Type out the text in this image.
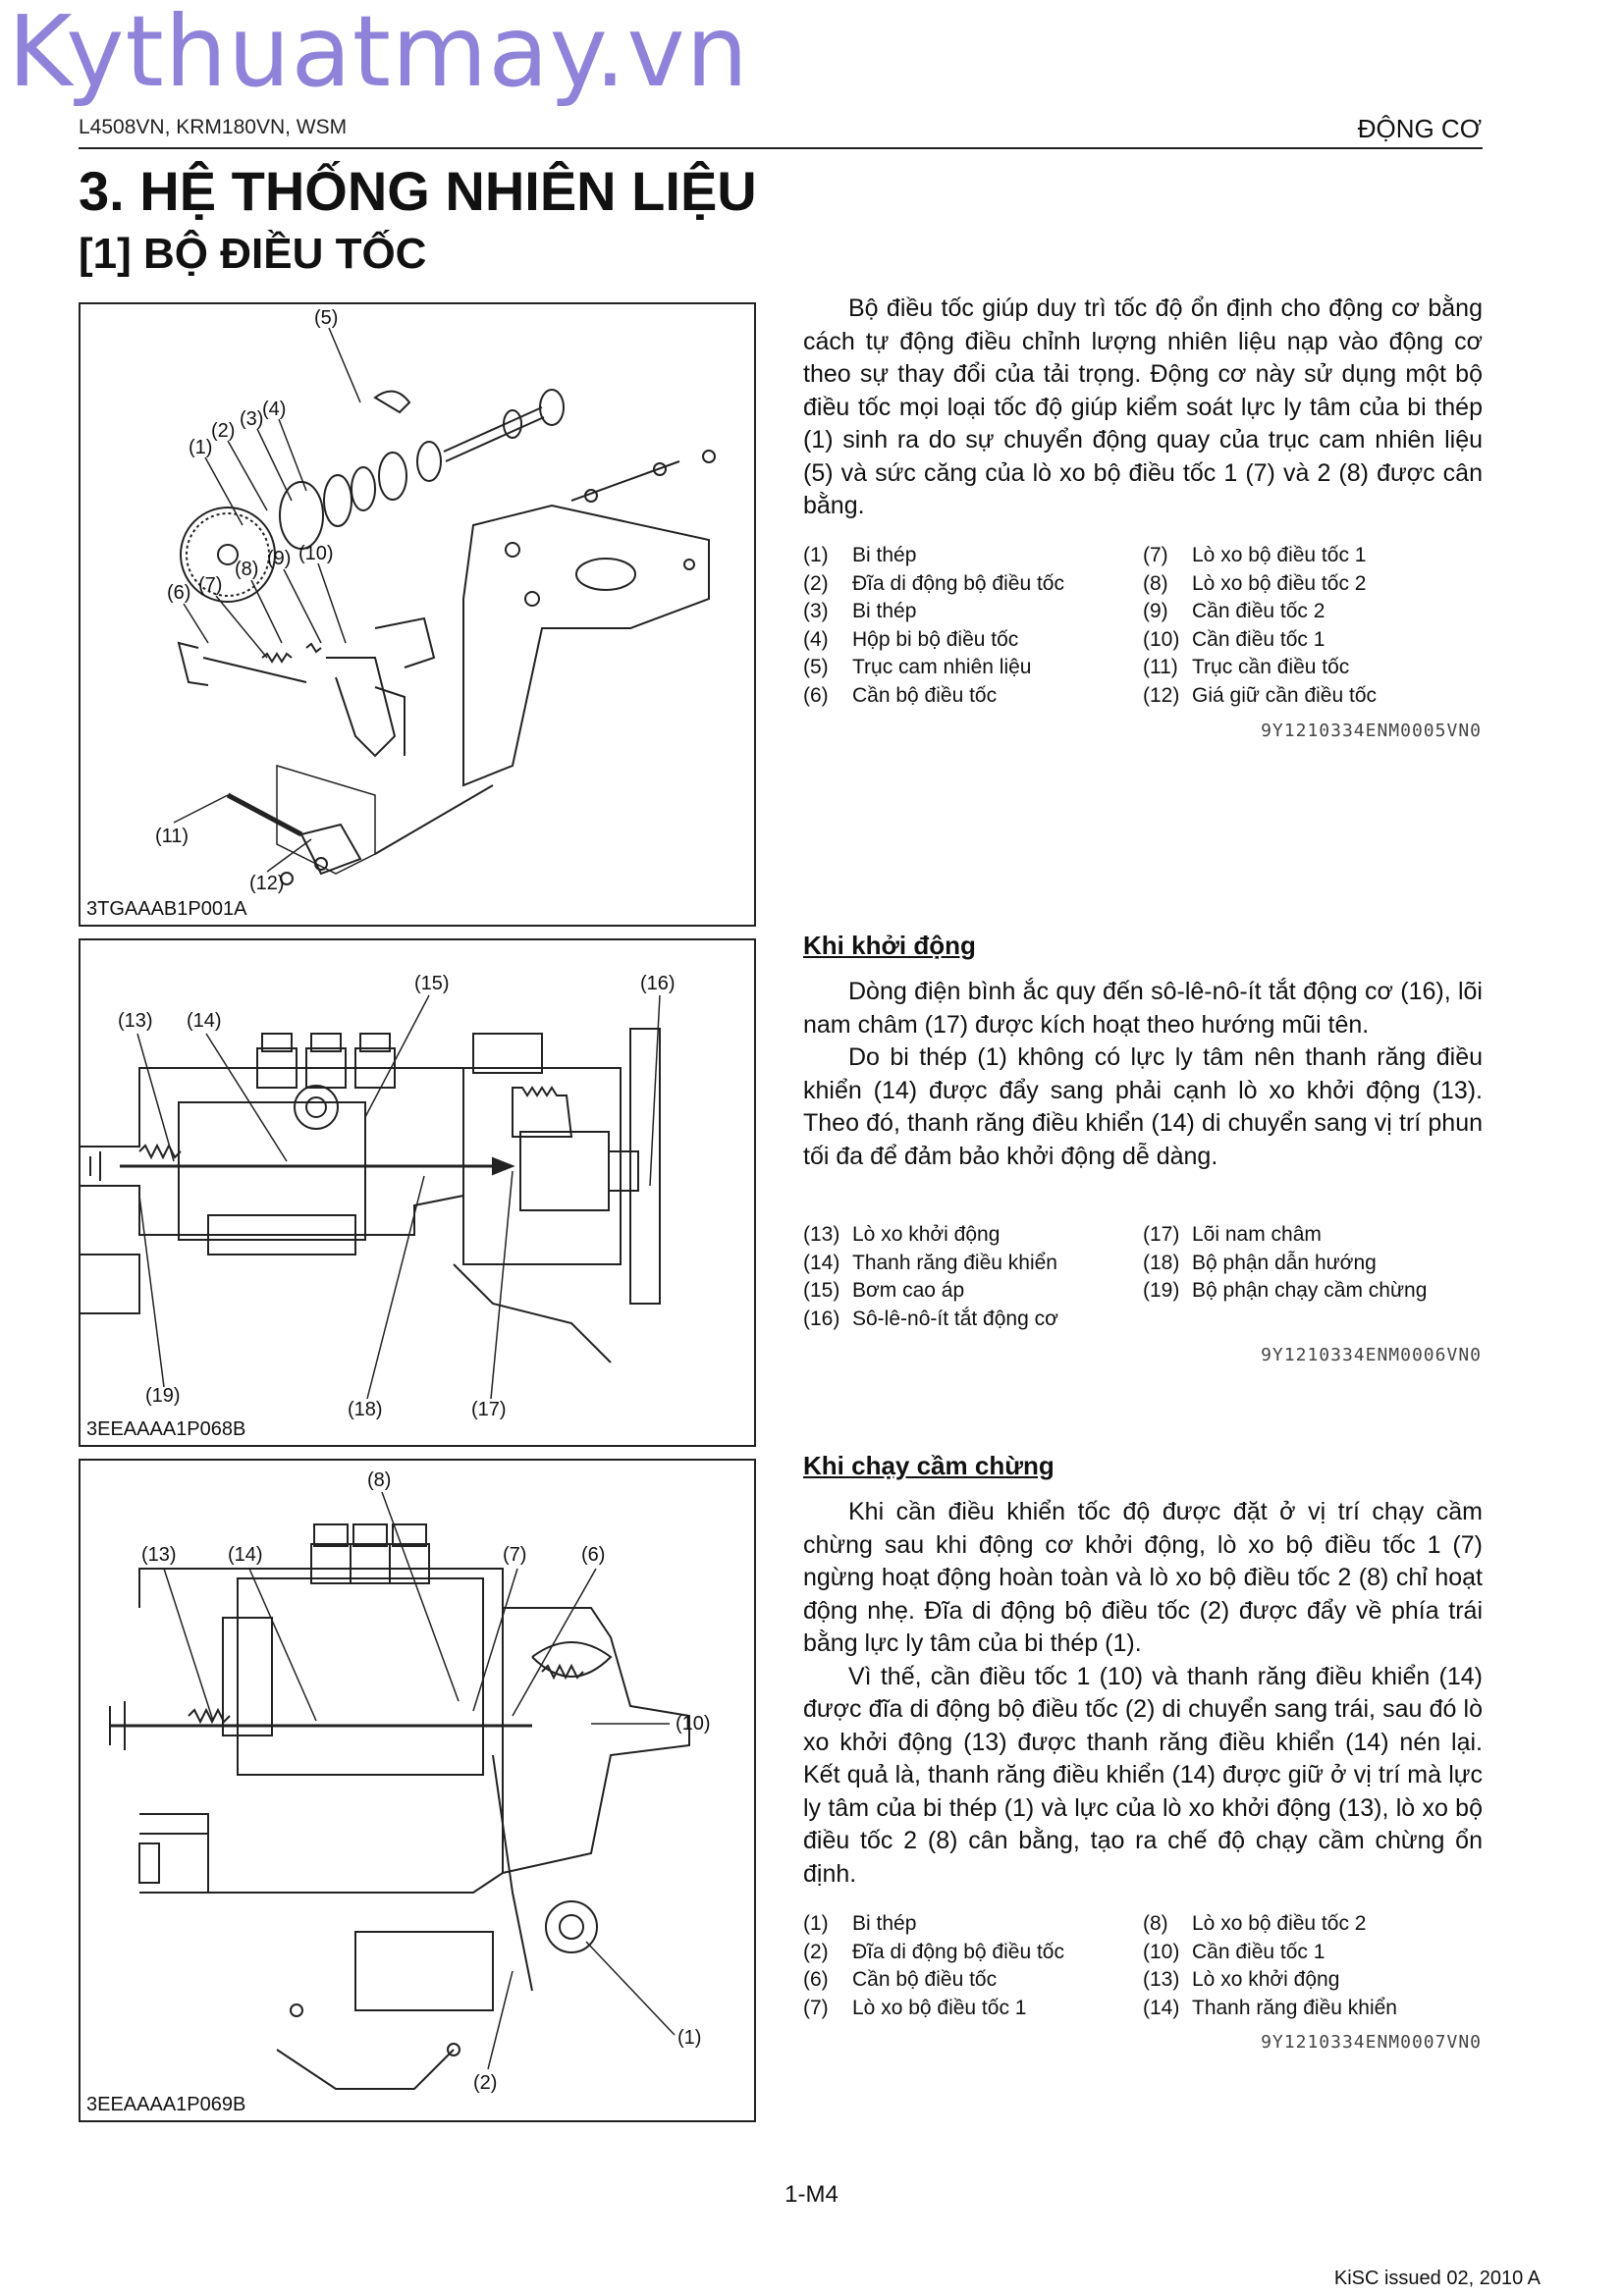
Kythuatmay.vn
L4508VN, KRM180VN, WSM	ĐỘNG CƠ
3. HỆ THỐNG NHIÊN LIỆU
[1] BỘ ĐIỀU TỐC
(5)
(1)
(2)
(3)
(4)
(6) (7)
(8) (9) (10)
(11)
(12)
3TGAAAB1P001A

Bộ điều tốc giúp duy trì tốc độ ổn định cho động cơ bằng cách tự động điều chỉnh lượng nhiên liệu nạp vào động cơ theo sự thay đổi của tải trọng. Động cơ này sử dụng một bộ điều tốc mọi loại tốc độ giúp kiểm soát lực ly tâm của bi thép (1) sinh ra do sự chuyển động quay của trục cam nhiên liệu (5) và sức căng của lò xo bộ điều tốc 1 (7) và 2 (8) được cân bằng.

(1)	Bi thép	(7)	Lò xo bộ điều tốc 1
(2)	Đĩa di động bộ điều tốc	(8)	Lò xo bộ điều tốc 2
(3)	Bi thép	(9)	Cần điều tốc 2
(4)	Hộp bi bộ điều tốc	(10) Cần điều tốc 1
(5)	Trục cam nhiên liệu	(11) Trục cần điều tốc
(6)	Cần bộ điều tốc	(12) Giá giữ cần điều tốc
9Y1210334ENM0005VN0
(15)	(16)
(13) (14)
(19)
(18)	(17)
3EEAAAA1P068B
Khi khởi động

Dòng điện bình ắc quy đến sô-lê-nô-ít tắt động cơ (16), lõi nam châm (17) được kích hoạt theo hướng mũi tên.

Do bi thép (1) không có lực ly tâm nên thanh răng điều khiển (14) được đẩy sang phải cạnh lò xo khởi động (13). Theo đó, thanh răng điều khiển (14) di chuyển sang vị trí phun tối đa để đảm bảo khởi động dễ dàng.

(13) Lò xo khởi động	(17) Lõi nam châm
(14) Thanh răng điều khiển	(18) Bộ phận dẫn hướng
(15) Bơm cao áp	(19) Bộ phận chạy cầm chừng
(16) Sô-lê-nô-ít tắt động cơ
9Y1210334ENM0006VN0
(8)
(13)	(14)	(7)	(6)
(10)
(1)
(2)
3EEAAAA1P069B
Khi chạy cầm chừng

Khi cần điều khiển tốc độ được đặt ở vị trí chạy cầm chừng sau khi động cơ khởi động, lò xo bộ điều tốc 1 (7) ngừng hoạt động hoàn toàn và lò xo bộ điều tốc 2 (8) chỉ hoạt động nhẹ. Đĩa di động bộ điều tốc (2) được đẩy về phía trái bằng lực ly tâm của bi thép (1).

Vì thế, cần điều tốc 1 (10) và thanh răng điều khiển (14) được đĩa di động bộ điều tốc (2) di chuyển sang trái, sau đó lò xo khởi động (13) được thanh răng điều khiển (14) nén lại. Kết quả là, thanh răng điều khiển (14) được giữ ở vị trí mà lực ly tâm của bi thép (1) và lực của lò xo khởi động (13), lò xo bộ điều tốc 2 (8) cân bằng, tạo ra chế độ chạy cầm chừng ổn định.

(1)	Bi thép	(8)	Lò xo bộ điều tốc 2
(2)	Đĩa di động bộ điều tốc	(10) Cần điều tốc 1
(6)	Cần bộ điều tốc	(13) Lò xo khởi động
(7)	Lò xo bộ điều tốc 1	(14) Thanh răng điều khiển
9Y1210334ENM0007VN0
1-M4
KiSC issued 02, 2010 A
